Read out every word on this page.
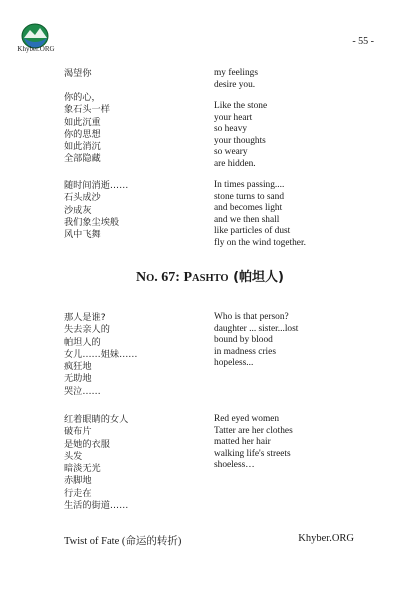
Khyber.ORG
- 55 -
渴望你
你的心，
象石头一样
如此沉重
你的思想
如此消沉
全部隐藏
随时间消逝……
石头成沙
沙成灰
我们象尘埃般
风中飞舞
my feelings
desire you.
Like the stone
your heart
so heavy
your thoughts
so weary
are hidden.
In times passing....
stone turns to sand
and becomes light
and we then shall
like particles of dust
fly on the wind together.
NO. 67: PASHTO (帕坦人)
那人是谁?
失去亲人的
帕坦人的
女儿……姐妹……
疯狂地
无助地
哭泣……
红着眼睛的女人
破布片
是她的衣服
头发
暗淡无光
赤脚地
行走在
生活的街道……
Who is that person?
daughter ... sister...lost
bound by blood
in madness cries
hopeless...
Red eyed women
Tatter are her clothes
matted her hair
walking life's streets
shoeless…
Twist of Fate (命运的转折)	Khyber.ORG
